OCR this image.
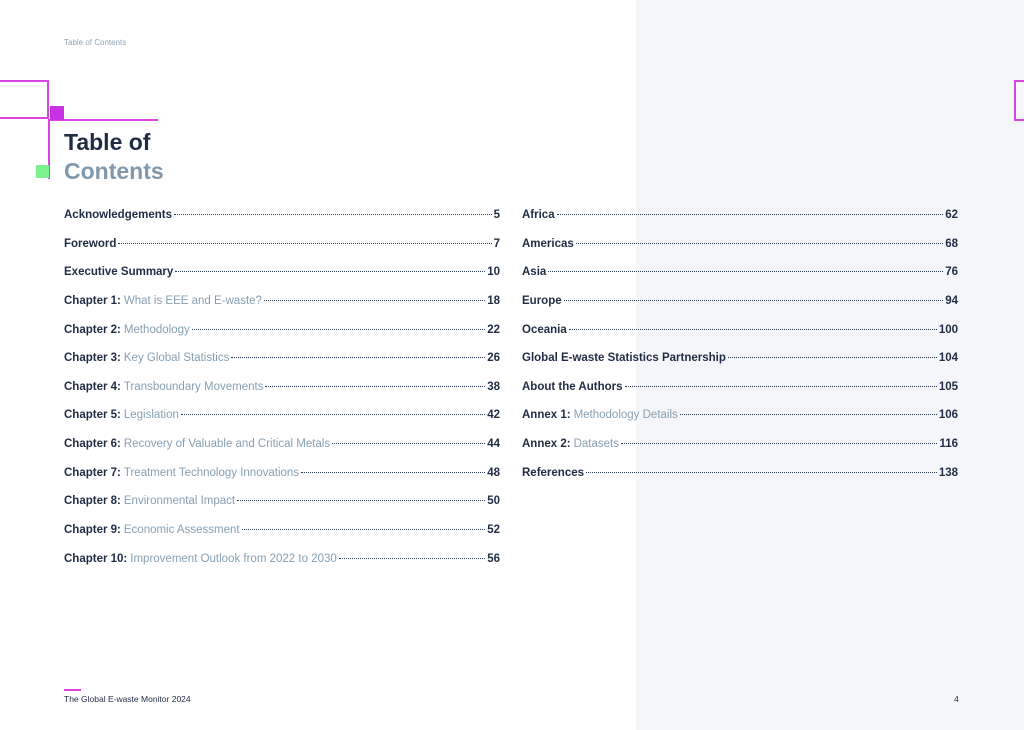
Table of Contents
Table of
Contents
Acknowledgements	5
Foreword	7
Executive Summary	10
Chapter 1: What is EEE and E-waste?	18
Chapter 2: Methodology	22
Chapter 3: Key Global Statistics	26
Chapter 4: Transboundary Movements	38
Chapter 5: Legislation	42
Chapter 6: Recovery of Valuable and Critical Metals	44
Chapter 7: Treatment Technology Innovations	48
Chapter 8: Environmental Impact	50
Chapter 9: Economic Assessment	52
Chapter 10: Improvement Outlook from 2022 to 2030	56
Africa	62
Americas	68
Asia	76
Europe	94
Oceania	100
Global E-waste Statistics Partnership	104
About the Authors	105
Annex 1: Methodology Details	106
Annex 2: Datasets	116
References	138
The Global E-waste Monitor 2024	4
